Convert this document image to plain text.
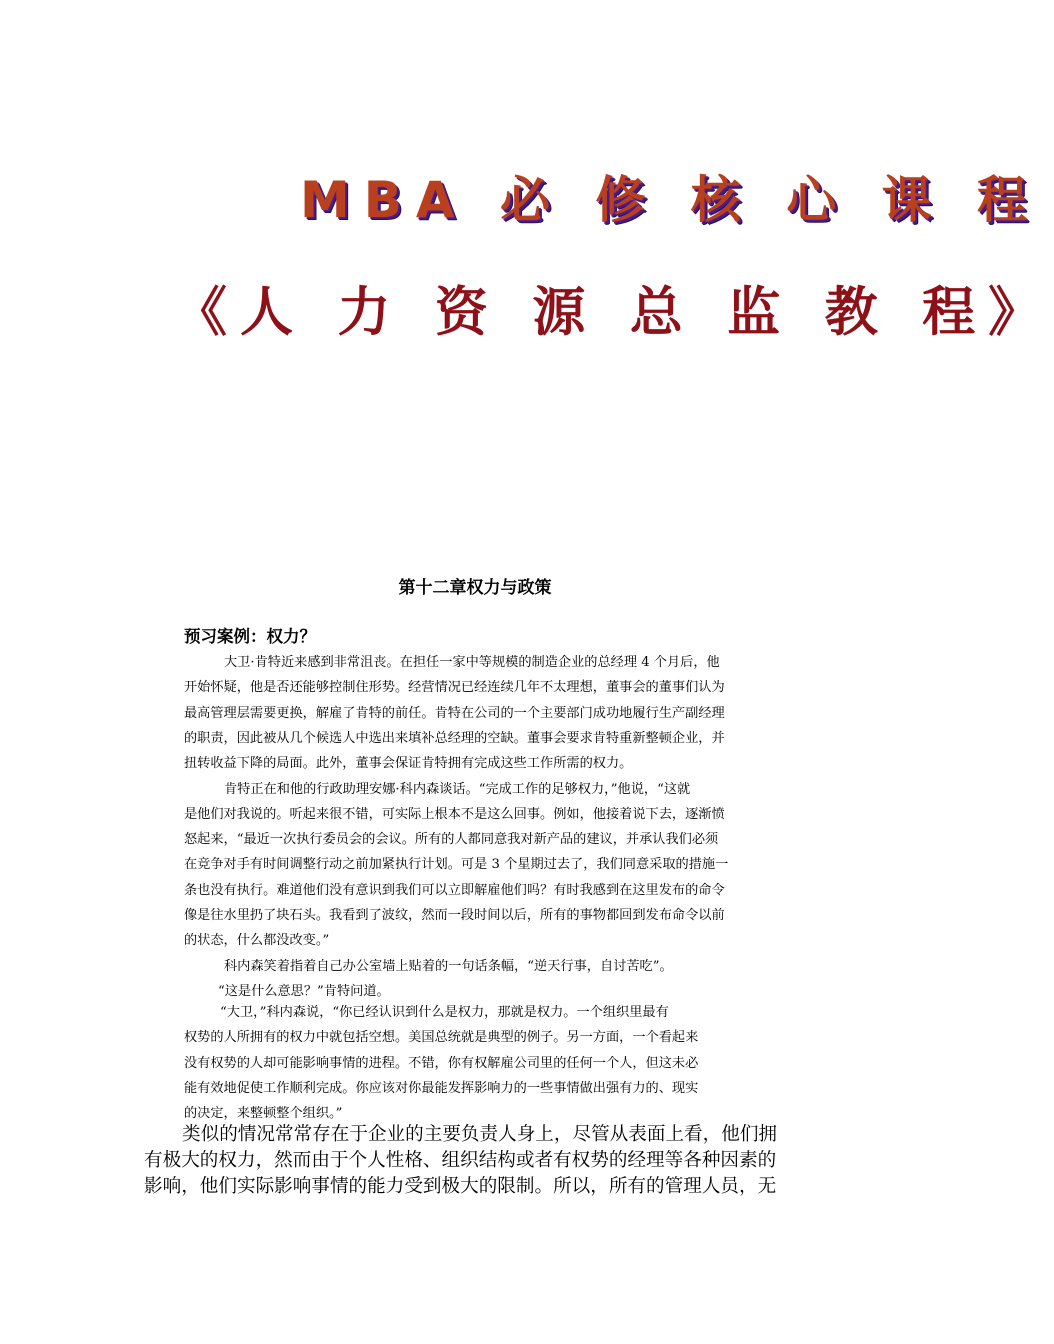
MBA 必 修 核 心 课 程
《人 力 资 源 总 监 教 程》
第十二章权力与政策
预习案例：权力？
大卫·肯特近来感到非常沮丧。在担任一家中等规模的制造企业的总经理 4 个月后，他
开始怀疑，他是否还能够控制住形势。经营情况已经连续几年不太理想，董事会的董事们认为
最高管理层需要更换，解雇了肯特的前任。肯特在公司的一个主要部门成功地履行生产副经理
的职责，因此被从几个候选人中选出来填补总经理的空缺。董事会要求肯特重新整顿企业，并
扭转收益下降的局面。此外，董事会保证肯特拥有完成这些工作所需的权力。
肯特正在和他的行政助理安娜·科内森谈话。“完成工作的足够权力，”他说，“这就
是他们对我说的。听起来很不错，可实际上根本不是这么回事。例如，他接着说下去，逐渐愤
怒起来，“最近一次执行委员会的会议。所有的人都同意我对新产品的建议，并承认我们必须
在竞争对手有时间调整行动之前加紧执行计划。可是 3 个星期过去了，我们同意采取的措施一
条也没有执行。难道他们没有意识到我们可以立即解雇他们吗？有时我感到在这里发布的命令
像是往水里扔了块石头。我看到了波纹，然而一段时间以后，所有的事物都回到发布命令以前
的状态，什么都没改变。”
科内森笑着指着自己办公室墙上贴着的一句话条幅，“逆天行事，自讨苦吃”。
“这是什么意思？”肯特问道。
“大卫，”科内森说，“你已经认识到什么是权力，那就是权力。一个组织里最有
权势的人所拥有的权力中就包括空想。美国总统就是典型的例子。另一方面，一个看起来
没有权势的人却可能影响事情的进程。不错，你有权解雇公司里的任何一个人，但这未必
能有效地促使工作顺利完成。你应该对你最能发挥影响力的一些事情做出强有力的、现实
的决定，来整顿整个组织。”
类似的情况常常存在于企业的主要负责人身上，尽管从表面上看，他们拥
有极大的权力，然而由于个人性格、组织结构或者有权势的经理等各种因素的
影响，他们实际影响事情的能力受到极大的限制。所以，所有的管理人员，无
